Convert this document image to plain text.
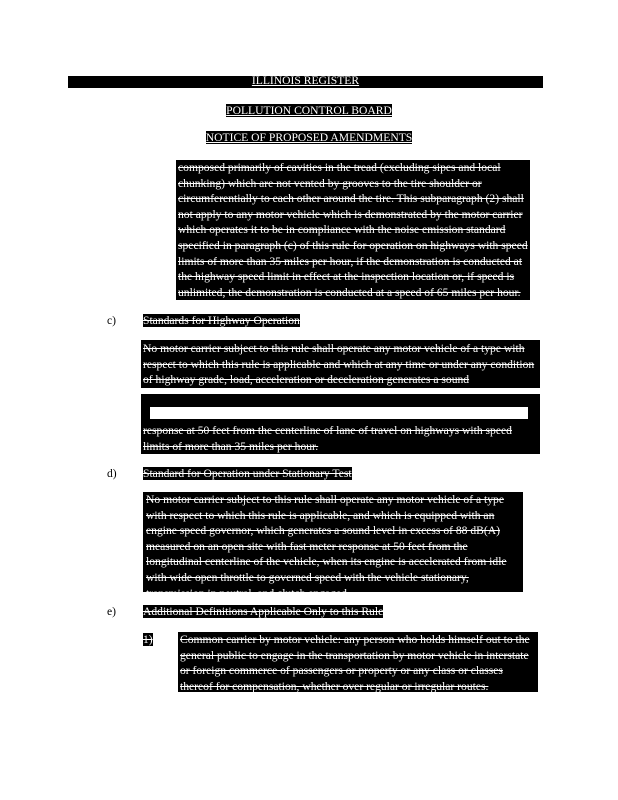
ILLINOIS REGISTER
POLLUTION CONTROL BOARD
NOTICE OF PROPOSED AMENDMENTS
composed primarily of cavities in the tread (excluding sipes and local chunking) which are not vented by grooves to the tire shoulder or circumferentially to each other around the tire. This subparagraph (2) shall not apply to any motor vehicle which is demonstrated by the motor carrier which operates it to be in compliance with the noise emission standard specified in paragraph (c) of this rule for operation on highways with speed limits of more than 35 miles per hour, if the demonstration is conducted at the highway speed limit in effect at the inspection location or, if speed is unlimited, the demonstration is conducted at a speed of 65 miles per hour.
c) Standards for Highway Operation
No motor carrier subject to this rule shall operate any motor vehicle of a type with respect to which this rule is applicable and which at any time or under any condition of highway grade, load, acceleration or deceleration generates a sound
response at 50 feet from the centerline of lane of travel on highways with speed limits of more than 35 miles per hour.
d) Standard for Operation under Stationary Test
No motor carrier subject to this rule shall operate any motor vehicle of a type with respect to which this rule is applicable, and which is equipped with an engine speed governor, which generates a sound level in excess of 88 dB(A) measured on an open site with fast meter response at 50 feet from the longitudinal centerline of the vehicle, when its engine is accelerated from idle with wide open throttle to governed speed with the vehicle stationary, transmission in neutral, and clutch engaged.
e) Additional Definitions Applicable Only to this Rule
1) Common carrier by motor vehicle: any person who holds himself out to the general public to engage in the transportation by motor vehicle in interstate or foreign commerce of passengers or property or any class or classes thereof for compensation, whether over regular or irregular routes.
